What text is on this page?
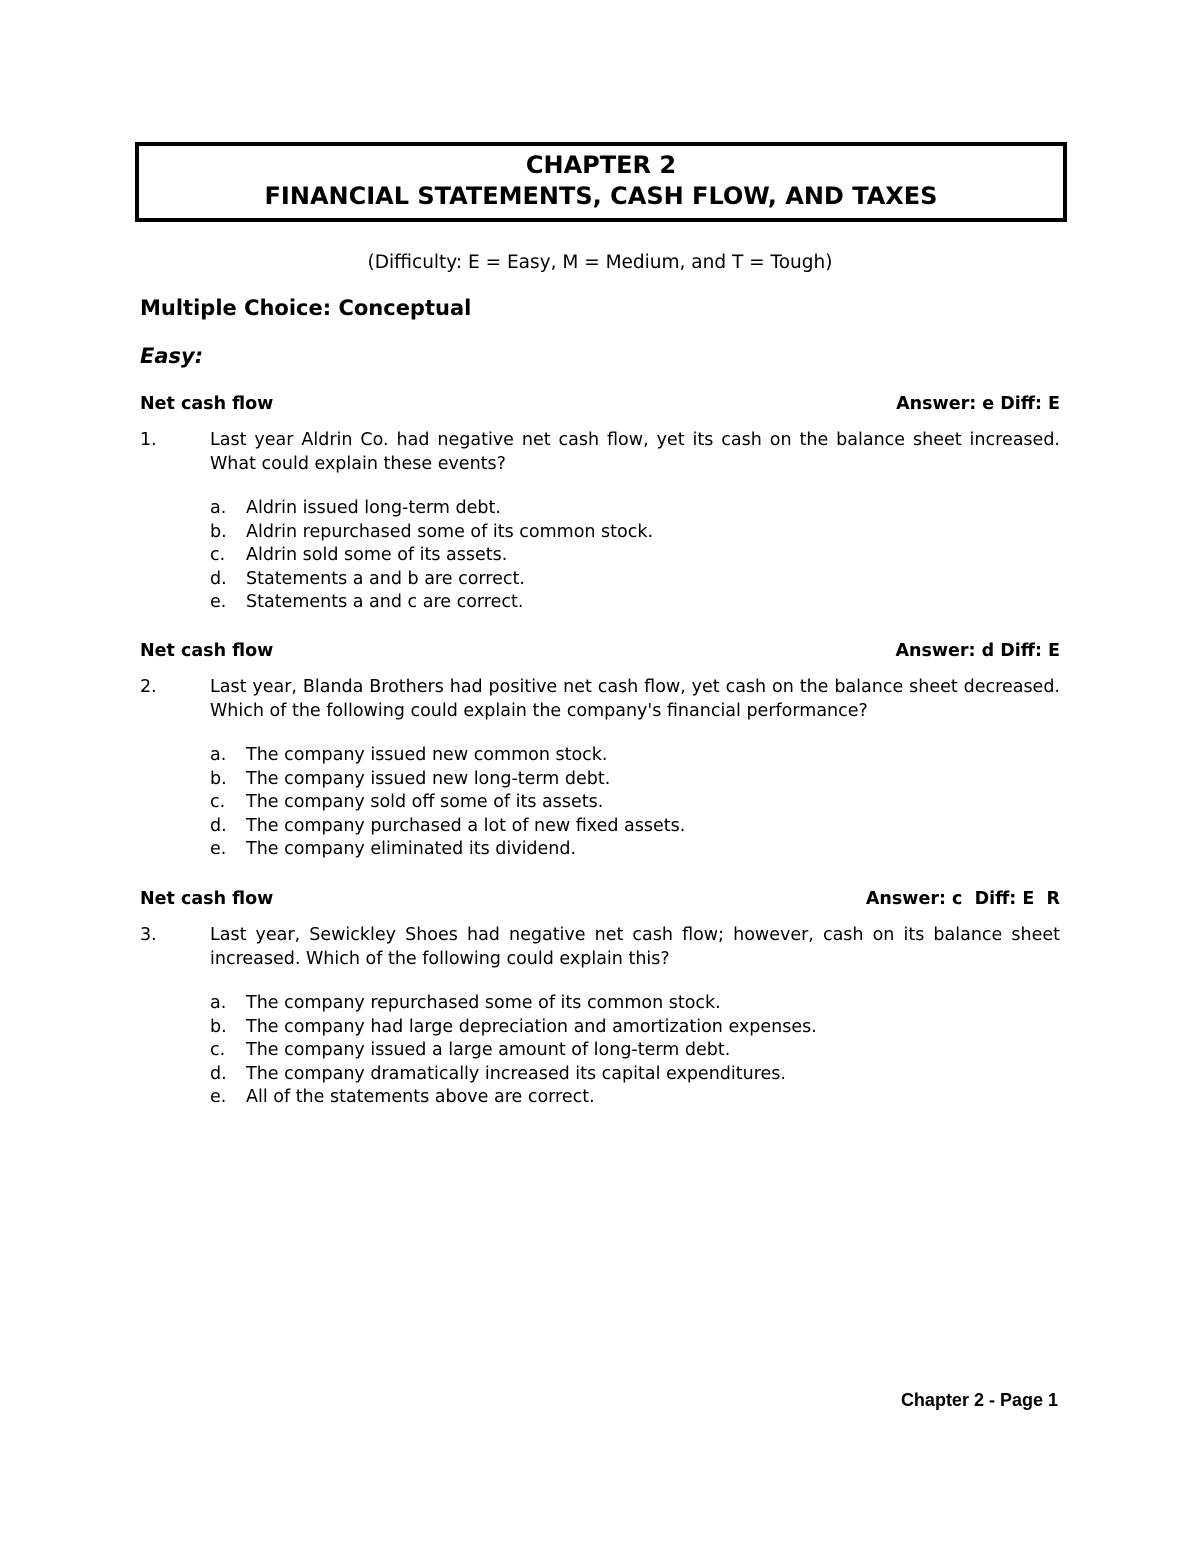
CHAPTER 2
FINANCIAL STATEMENTS, CASH FLOW, AND TAXES
(Difficulty: E = Easy, M = Medium, and T = Tough)
Multiple Choice: Conceptual
Easy:
Net cash flow	Answer: e Diff: E
1.	Last year Aldrin Co. had negative net cash flow, yet its cash on the balance sheet increased. What could explain these events?
a. Aldrin issued long-term debt.
b. Aldrin repurchased some of its common stock.
c. Aldrin sold some of its assets.
d. Statements a and b are correct.
e. Statements a and c are correct.
Net cash flow	Answer: d Diff: E
2.	Last year, Blanda Brothers had positive net cash flow, yet cash on the balance sheet decreased. Which of the following could explain the company's financial performance?
a. The company issued new common stock.
b. The company issued new long-term debt.
c. The company sold off some of its assets.
d. The company purchased a lot of new fixed assets.
e. The company eliminated its dividend.
Net cash flow	Answer: c  Diff: E  R
3.	Last year, Sewickley Shoes had negative net cash flow; however, cash on its balance sheet increased. Which of the following could explain this?
a. The company repurchased some of its common stock.
b. The company had large depreciation and amortization expenses.
c. The company issued a large amount of long-term debt.
d. The company dramatically increased its capital expenditures.
e. All of the statements above are correct.
Chapter 2 - Page 1
